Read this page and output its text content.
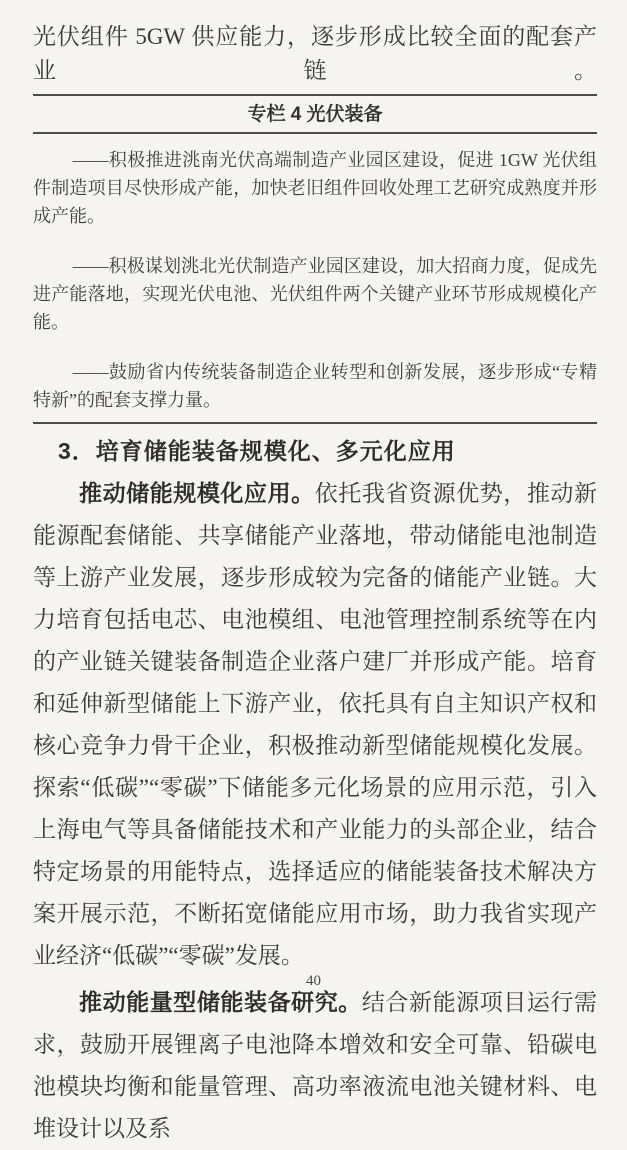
光伏组件 5GW 供应能力，逐步形成比较全面的配套产业链。

专栏 4 光伏装备

——积极推进洮南光伏高端制造产业园区建设，促进 1GW 光伏组件制造项目尽快形成产能，加快老旧组件回收处理工艺研究成熟度并形成产能。

——积极谋划洮北光伏制造产业园区建设，加大招商力度，促成先进产能落地，实现光伏电池、光伏组件两个关键产业环节形成规模化产能。

——鼓励省内传统装备制造企业转型和创新发展，逐步形成“专精特新”的配套支撑力量。

3．培育储能装备规模化、多元化应用

推动储能规模化应用。依托我省资源优势，推动新能源配套储能、共享储能产业落地，带动储能电池制造等上游产业发展，逐步形成较为完备的储能产业链。大力培育包括电芯、电池模组、电池管理控制系统等在内的产业链关键装备制造企业落户建厂并形成产能。培育和延伸新型储能上下游产业，依托具有自主知识产权和核心竞争力骨干企业，积极推动新型储能规模化发展。探索“低碳”“零碳”下储能多元化场景的应用示范，引入上海电气等具备储能技术和产业能力的头部企业，结合特定场景的用能特点，选择适应的储能装备技术解决方案开展示范，不断拓宽储能应用市场，助力我省实现产业经济“低碳”“零碳”发展。

推动能量型储能装备研究。结合新能源项目运行需求，鼓励开展锂离子电池降本增效和安全可靠、铅碳电池模块均衡和能量管理、高功率液流电池关键材料、电堆设计以及系

40
